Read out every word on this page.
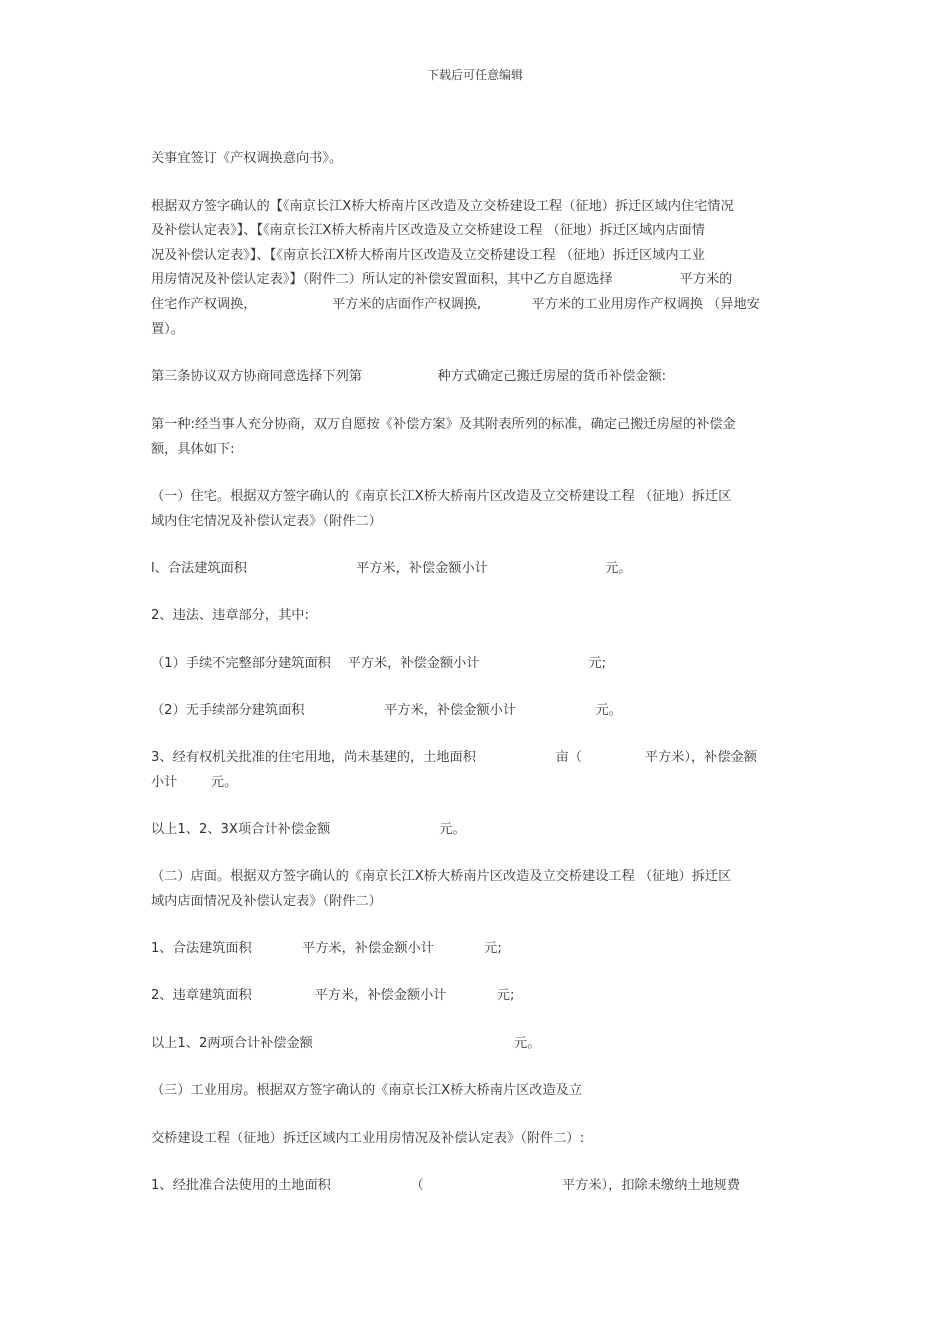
下载后可任意编辑
关事宜签订《产权调换意向书》。
根据双方签字确认的【《南京长江Ⅹ桥大桥南片区改造及立交桥建设工程（征地）拆迁区域内住宅情况
及补偿认定表》】、【《南京长江Ⅹ桥大桥南片区改造及立交桥建设工程 （征地）拆迁区域内店面情
况及补偿认定表》】、【《南京长江Ⅹ桥大桥南片区改造及立交桥建设工程 （征地）拆迁区域内工业
用房情况及补偿认定表》】（附件二）所认定的补偿安置面积，其中乙方自愿选择                平方米的
住宅作产权调换，                  平方米的店面作产权调换,            平方米的工业用房作产权调换 （异地安
置）。
第三条协议双方协商同意选择下列第                  种方式确定己搬迁房屋的货币补偿金额:
第一种:经当事人充分协商，双万自愿按《补偿方案》及其附表所列的标准，确定己搬迁房屋的补偿金
额，具体如下:
（一）住宅。根据双方签字确认的《南京长江Ⅹ桥大桥南片区改造及立交桥建设工程 （征地）拆迁区
域内住宅情况及补偿认定表》（附件二）
l、合法建筑面积                          平方米，补偿金额小计                            元。
2、违法、违章部分，其中:
（1）手续不完整部分建筑面积    平方米，补偿金额小计                          元;
（2）无手续部分建筑面积                   平方米，补偿金额小计                   元。
3、经有权机关批准的住宅用地，尚未基建的，土地面积                   亩（               平方米），补偿金额
小计        元。
以上1、2、3X项合计补偿金额                          元。
（二）店面。根据双方签字确认的《南京长江Ⅹ桥大桥南片区改造及立交桥建设工程 （征地）拆迁区
域内店面情况及补偿认定表》（附件二）
1、合法建筑面积            平方米，补偿金额小计            元;
2、违章建筑面积               平方米，补偿金额小计            元;
以上1、2两项合计补偿金额                                                元。
（三）工业用房。根据双方签字确认的《南京长江Ⅹ桥大桥南片区改造及立
交桥建设工程（征地）拆迁区域内工业用房情况及补偿认定表》（附件二）:
1、经批准合法使用的土地面积                   （                                 平方米），扣除未缴纳土地规费
